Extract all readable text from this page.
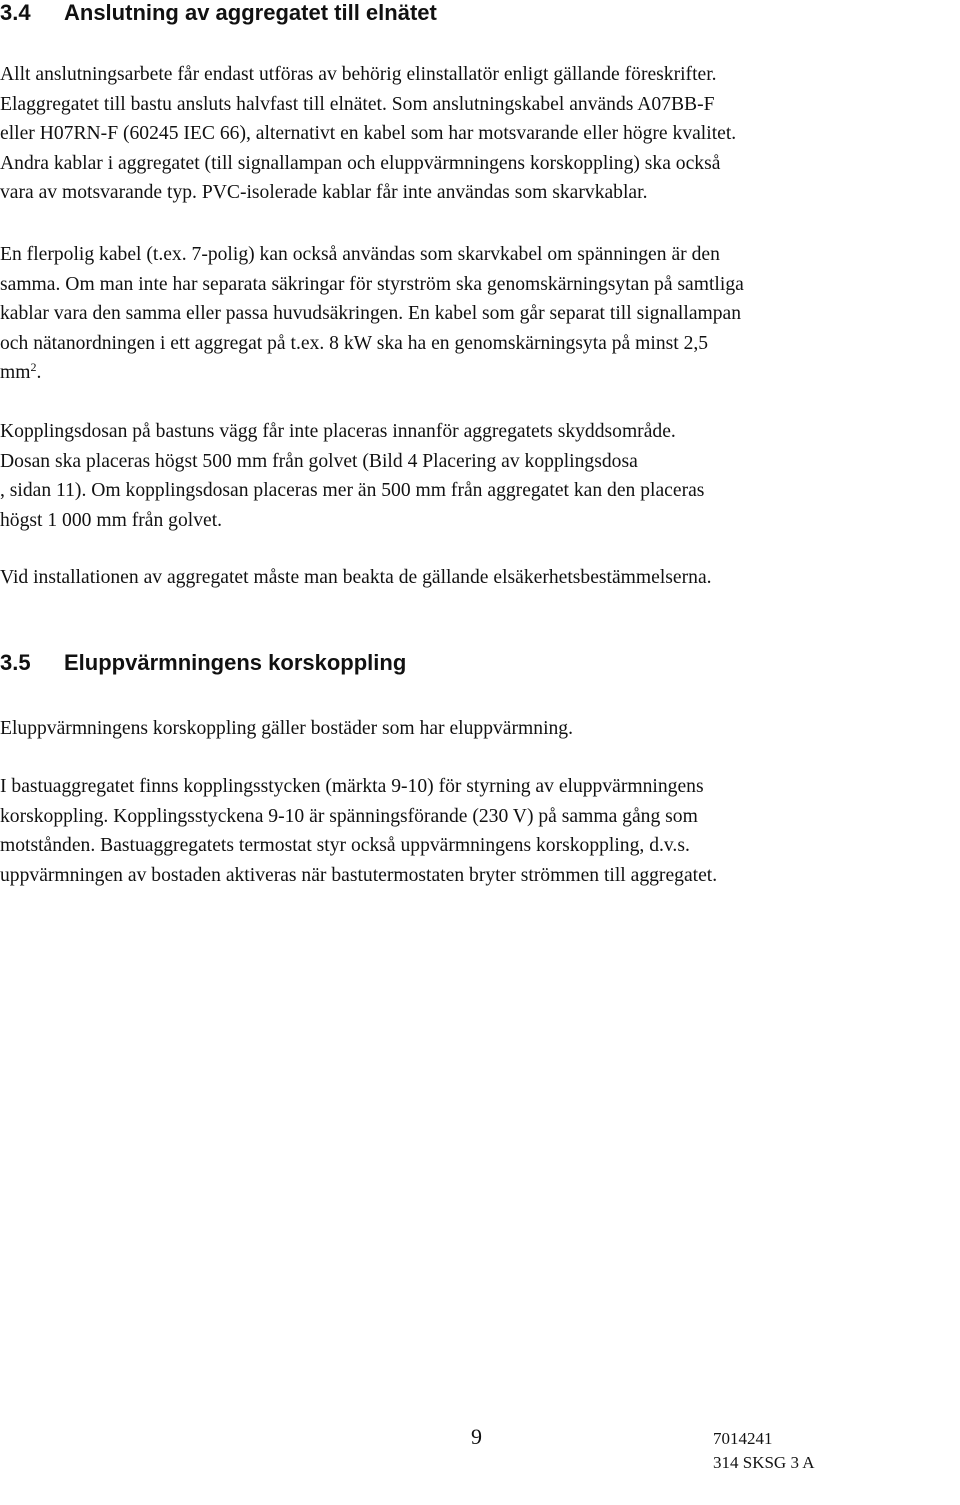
3.4 Anslutning av aggregatet till elnätet
Allt anslutningsarbete får endast utföras av behörig elinstallatör enligt gällande föreskrifter.
Elaggregatet till bastu ansluts halvfast till elnätet. Som anslutningskabel används A07BB-F
eller H07RN-F (60245 IEC 66), alternativt en kabel som har motsvarande eller högre kvalitet.
Andra kablar i aggregatet (till signallampan och eluppvärmningens korskoppling) ska också
vara av motsvarande typ. PVC-isolerade kablar får inte användas som skarvkablar.
En flerpolig kabel (t.ex. 7-polig) kan också användas som skarvkabel om spänningen är den
samma. Om man inte har separata säkringar för styrström ska genomskärningsytan på samtliga
kablar vara den samma eller passa huvudsäkringen. En kabel som går separat till signallampan
och nätanordningen i ett aggregat på t.ex. 8 kW ska ha en genomskärningsyta på minst 2,5
$mm^2$.
Kopplingsdosan på bastuns vägg får inte placeras innanför aggregatets skyddsområde.
Dosan ska placeras högst 500 mm från golvet (Bild 4 Placering av kopplingsdosa
, sidan 11). Om kopplingsdosan placeras mer än 500 mm från aggregatet kan den placeras
högst 1 000 mm från golvet.
Vid installationen av aggregatet måste man beakta de gällande elsäkerhetsbestämmelserna.
3.5 Eluppvärmningens korskoppling
Eluppvärmningens korskoppling gäller bostäder som har eluppvärmning.
I bastuaggregatet finns kopplingsstycken (märkta 9-10) för styrning av eluppvärmningens
korskoppling. Kopplingsstyckena 9-10 är spänningsförande (230 V) på samma gång som
motstånden. Bastuaggregatets termostat styr också uppvärmningens korskoppling, d.v.s.
uppvärmningen av bostaden aktiveras när bastutermostaten bryter strömmen till aggregatet.
9	7014241
314 SKSG 3 A
